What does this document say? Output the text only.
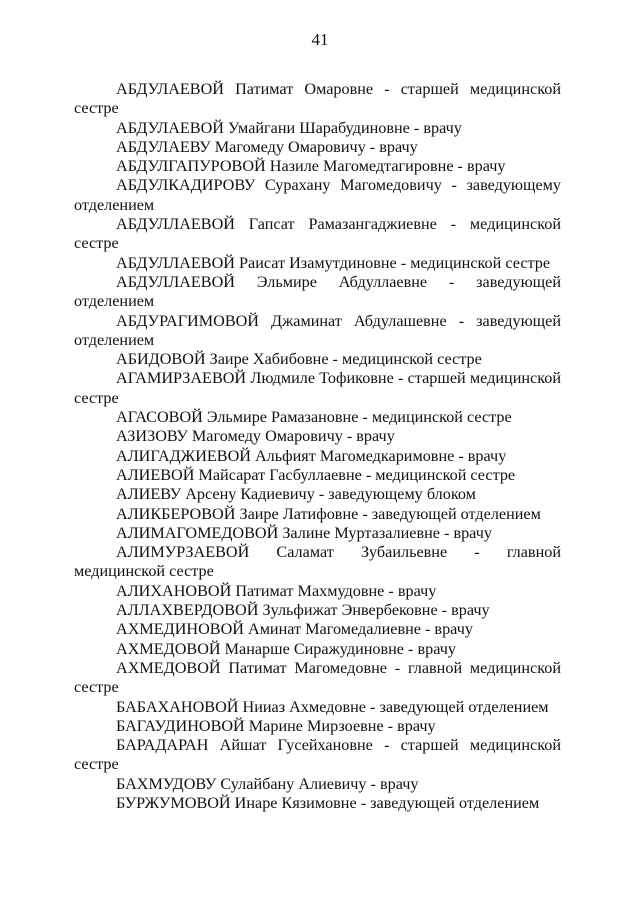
41

АБДУЛАЕВОЙ Патимат Омаровне - старшей медицинской сестре

АБДУЛАЕВОЙ Умайгани Шарабудиновне - врачу

АБДУЛАЕВУ Магомеду Омаровичу - врачу

АБДУЛГАПУРОВОЙ Назиле Магомедтагировне - врачу

АБДУЛКАДИРОВУ Сурахану Магомедовичу - заведующему отделением

АБДУЛЛАЕВОЙ Гапсат Рамазангаджиевне - медицинской сестре

АБДУЛЛАЕВОЙ Раисат Изамутдиновне - медицинской сестре

АБДУЛЛАЕВОЙ Эльмире Абдуллаевне - заведующей отделением

АБДУРАГИМОВОЙ Джаминат Абдулашевне - заведующей отделением

АБИДОВОЙ Заире Хабибовне - медицинской сестре

АГАМИРЗАЕВОЙ Людмиле Тофиковне - старшей медицинской сестре

АГАСОВОЙ Эльмире Рамазановне - медицинской сестре

АЗИЗОВУ Магомеду Омаровичу - врачу

АЛИГАДЖИЕВОЙ Альфият Магомедкаримовне - врачу

АЛИЕВОЙ Майсарат Гасбуллаевне - медицинской сестре

АЛИЕВУ Арсену Кадиевичу - заведующему блоком

АЛИКБЕРОВОЙ Заире Латифовне - заведующей отделением

АЛИМАГОМЕДОВОЙ Залине Муртазалиевне - врачу

АЛИМУРЗАЕВОЙ Саламат Зубаильевне - главной медицинской сестре

АЛИХАНОВОЙ Патимат Махмудовне - врачу

АЛЛАХВЕРДОВОЙ Зульфижат Энвербековне - врачу

АХМЕДИНОВОЙ Аминат Магомедалиевне - врачу

АХМЕДОВОЙ Манарше Сиражудиновне - врачу

АХМЕДОВОЙ Патимат Магомедовне - главной медицинской сестре

БАБАХАНОВОЙ Нииаз Ахмедовне - заведующей отделением

БАГАУДИНОВОЙ Марине Мирзоевне - врачу

БАРАДАРАН Айшат Гусейхановне - старшей медицинской сестре

БАХМУДОВУ Сулайбану Алиевичу - врачу

БУРЖУМОВОЙ Инаре Кязимовне - заведующей отделением
